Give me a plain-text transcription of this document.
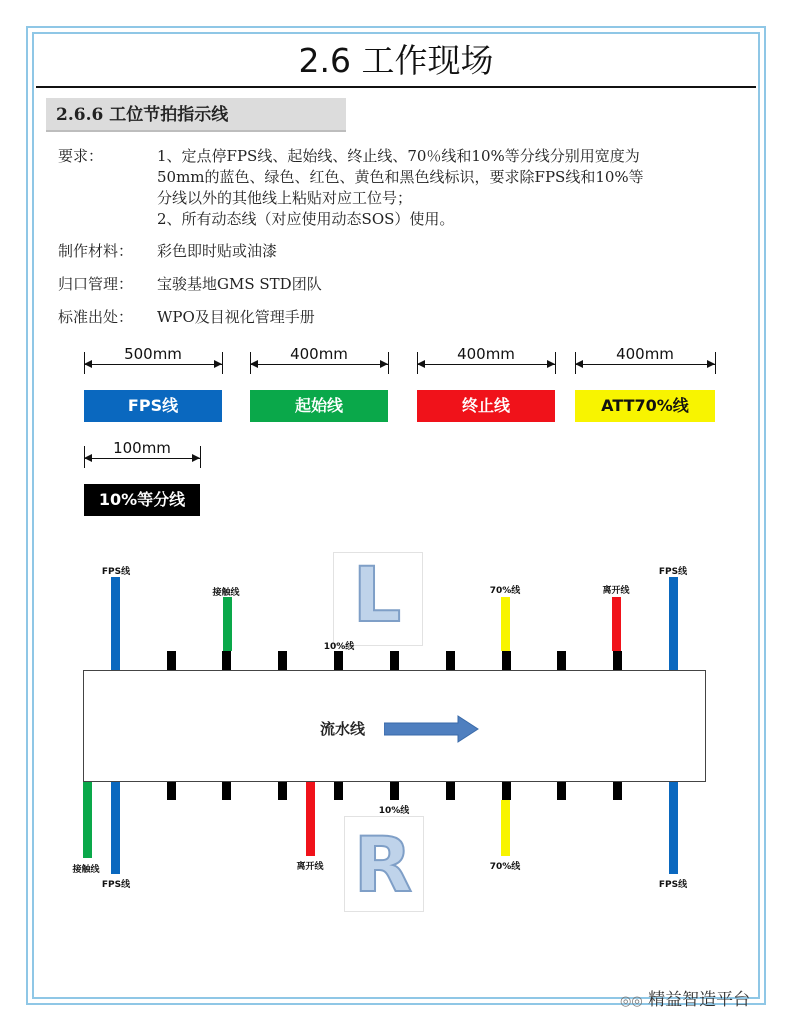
2.6 工作现场
2.6.6 工位节拍指示线
要求：	1、定点停FPS线、起始线、终止线、70％线和10%等分线分别用宽度为

50mm的蓝色、绿色、红色、黄色和黑色线标识，要求除FPS线和10%等

分线以外的其他线上粘贴对应工位号；

2、所有动态线（对应使用动态SOS）使用。

制作材料：	彩色即时贴或油漆
归口管理：	宝骏基地GMS STD团队
标准出处：	WPO及目视化管理手册
500mm
FPS线
400mm
起始线
400mm
终止线
400mm
ATT70%线
100mm
10%等分线
L
R
流水线
FPS线
接触线
10%线
70%线	离开线
FPS线
接触线
FPS线
离开线
10%线
70%线
FPS线
◎◎ 精益智造平台
